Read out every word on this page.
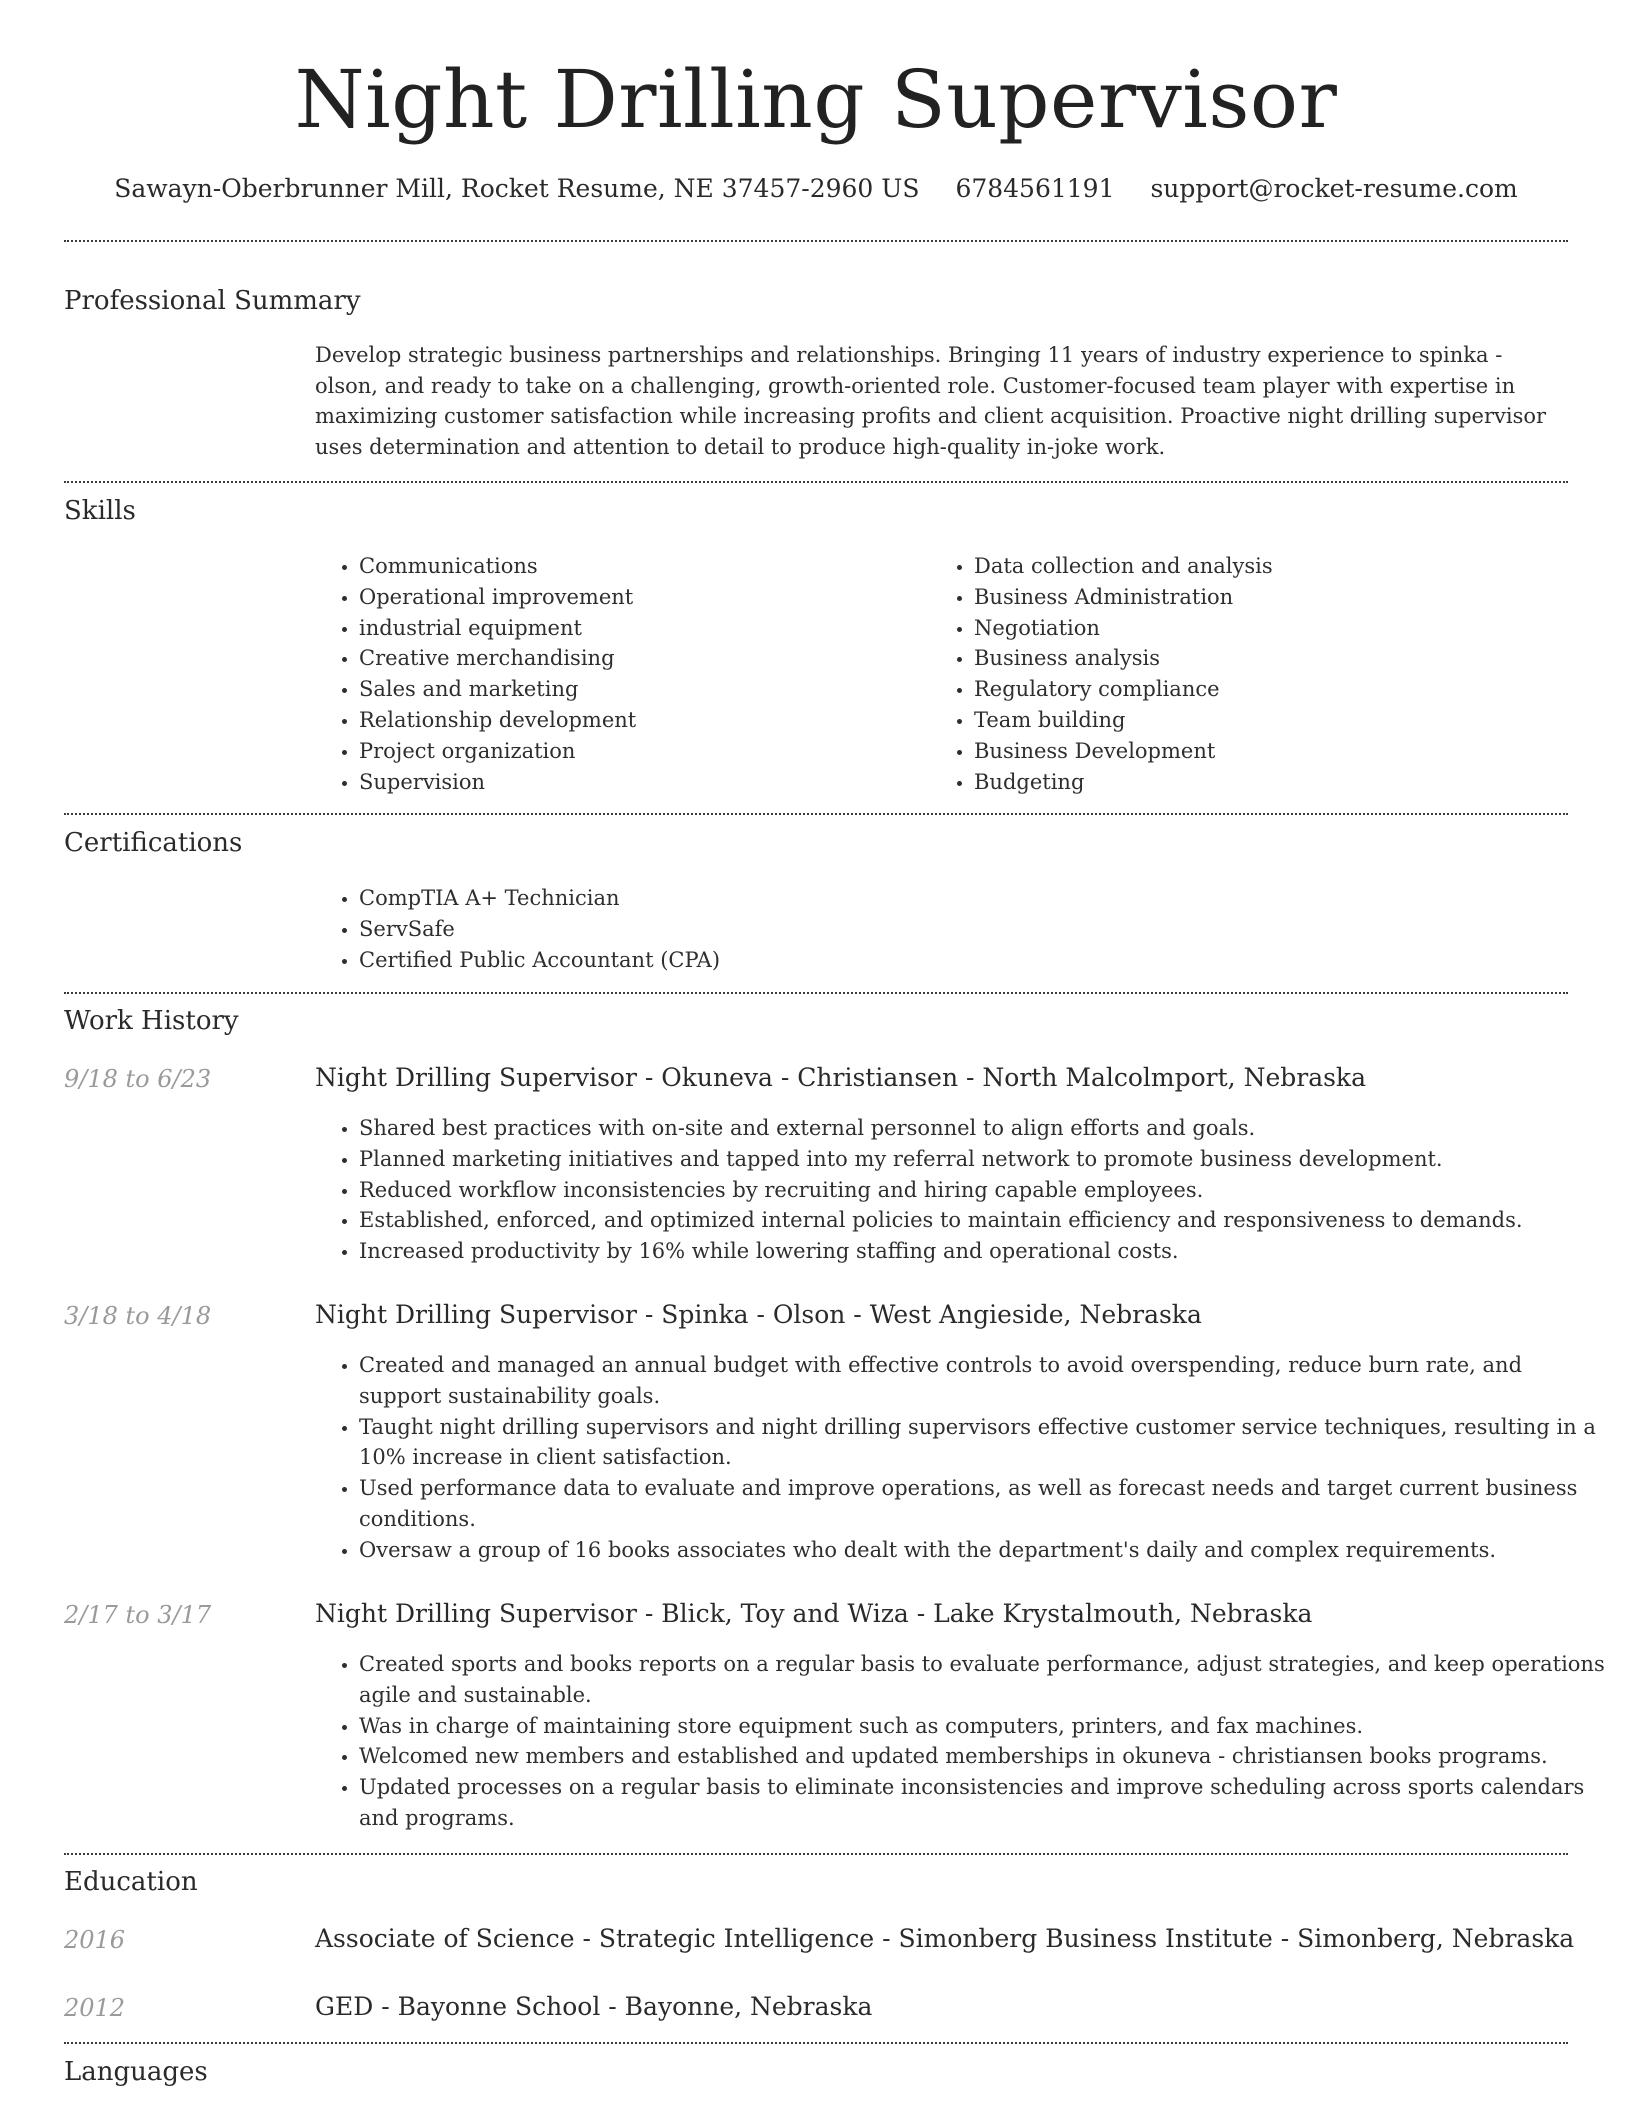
Night Drilling Supervisor
Sawayn-Oberbrunner Mill, Rocket Resume, NE 37457-2960 US 6784561191 support@rocket-resume.com
Professional Summary
Develop strategic business partnerships and relationships. Bringing 11 years of industry experience to spinka - olson, and ready to take on a challenging, growth-oriented role. Customer-focused team player with expertise in maximizing customer satisfaction while increasing profits and client acquisition. Proactive night drilling supervisor uses determination and attention to detail to produce high-quality in-joke work.
Skills
• Communications
• Operational improvement
• industrial equipment
• Creative merchandising
• Sales and marketing
• Relationship development
• Project organization
• Supervision
• Data collection and analysis
• Business Administration
• Negotiation
• Business analysis
• Regulatory compliance
• Team building
• Business Development
• Budgeting
Certifications
• CompTIA A+ Technician
• ServSafe
• Certified Public Accountant (CPA)
Work History
9/18 to 6/23	Night Drilling Supervisor - Okuneva - Christiansen - North Malcolmport, Nebraska
• Shared best practices with on-site and external personnel to align efforts and goals.
• Planned marketing initiatives and tapped into my referral network to promote business development.
• Reduced workflow inconsistencies by recruiting and hiring capable employees.
• Established, enforced, and optimized internal policies to maintain efficiency and responsiveness to demands.
• Increased productivity by 16% while lowering staffing and operational costs.
3/18 to 4/18	Night Drilling Supervisor - Spinka - Olson - West Angieside, Nebraska
• Created and managed an annual budget with effective controls to avoid overspending, reduce burn rate, and support sustainability goals.
• Taught night drilling supervisors and night drilling supervisors effective customer service techniques, resulting in a 10% increase in client satisfaction.
• Used performance data to evaluate and improve operations, as well as forecast needs and target current business conditions.
• Oversaw a group of 16 books associates who dealt with the department's daily and complex requirements.
2/17 to 3/17	Night Drilling Supervisor - Blick, Toy and Wiza - Lake Krystalmouth, Nebraska
• Created sports and books reports on a regular basis to evaluate performance, adjust strategies, and keep operations agile and sustainable.
• Was in charge of maintaining store equipment such as computers, printers, and fax machines.
• Welcomed new members and established and updated memberships in okuneva - christiansen books programs.
• Updated processes on a regular basis to eliminate inconsistencies and improve scheduling across sports calendars and programs.
Education
2016	Associate of Science - Strategic Intelligence - Simonberg Business Institute - Simonberg, Nebraska
2012	GED - Bayonne School - Bayonne, Nebraska
Languages
